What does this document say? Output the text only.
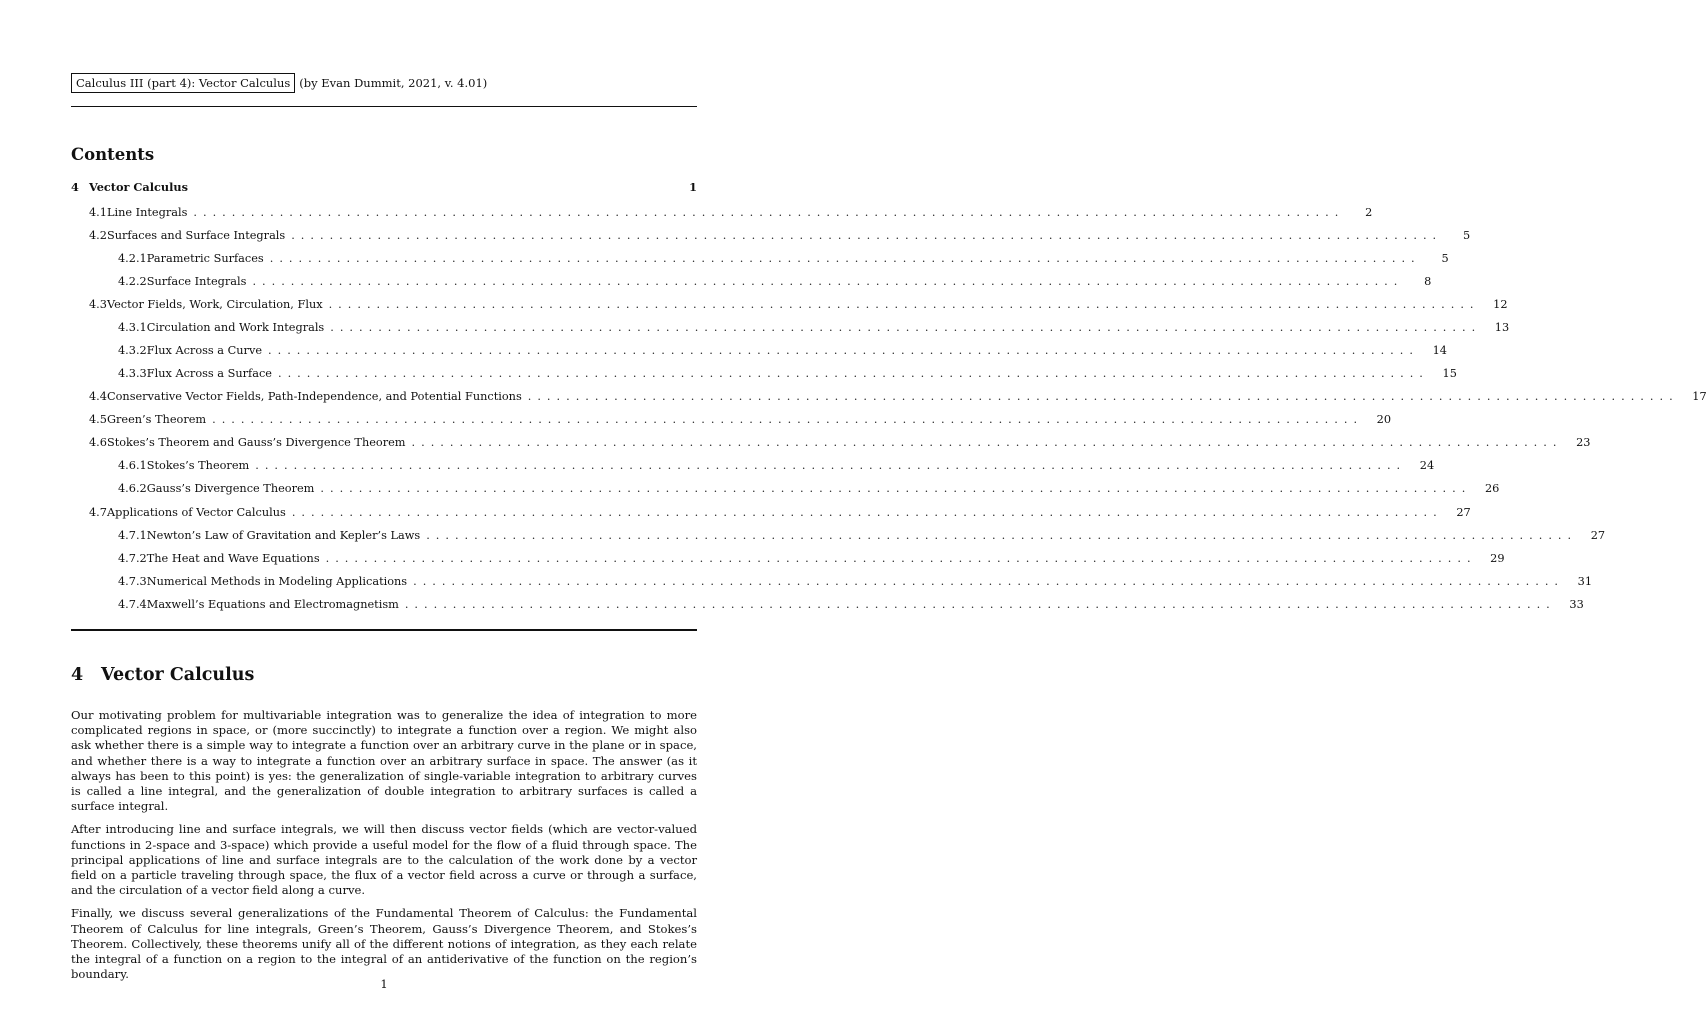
Calculus III (part 4): Vector Calculus (by Evan Dummit, 2021, v. 4.01)
Contents
4 Vector Calculus	1
4.1 Line Integrals ........................................................................................................................	2
4.2 Surfaces and Surface Integrals ........................................................................................................................	5
4.2.1 Parametric Surfaces ........................................................................................................................	5
4.2.2 Surface Integrals ........................................................................................................................	8
4.3 Vector Fields, Work, Circulation, Flux ........................................................................................................................	12
4.3.1 Circulation and Work Integrals ........................................................................................................................	13
4.3.2 Flux Across a Curve ........................................................................................................................	14
4.3.3 Flux Across a Surface ........................................................................................................................	15
4.4 Conservative Vector Fields, Path-Independence, and Potential Functions ........................................................................................................................	17
4.5 Green’s Theorem ........................................................................................................................	20
4.6 Stokes’s Theorem and Gauss’s Divergence Theorem ........................................................................................................................	23
4.6.1 Stokes’s Theorem ........................................................................................................................	24
4.6.2 Gauss’s Divergence Theorem ........................................................................................................................	26
4.7 Applications of Vector Calculus ........................................................................................................................	27
4.7.1 Newton’s Law of Gravitation and Kepler’s Laws ........................................................................................................................	27
4.7.2 The Heat and Wave Equations ........................................................................................................................	29
4.7.3 Numerical Methods in Modeling Applications ........................................................................................................................	31
4.7.4 Maxwell’s Equations and Electromagnetism ........................................................................................................................	33
4 Vector Calculus

Our motivating problem for multivariable integration was to generalize the idea of integration to more complicated regions in space, or (more succinctly) to integrate a function over a region. We might also ask whether there is a simple way to integrate a function over an arbitrary curve in the plane or in space, and whether there is a way to integrate a function over an arbitrary surface in space. The answer (as it always has been to this point) is yes: the generalization of single-variable integration to arbitrary curves is called a line integral, and the generalization of double integration to arbitrary surfaces is called a surface integral.

After introducing line and surface integrals, we will then discuss vector fields (which are vector-valued functions in 2-space and 3-space) which provide a useful model for the flow of a fluid through space. The principal applications of line and surface integrals are to the calculation of the work done by a vector field on a particle traveling through space, the flux of a vector field across a curve or through a surface, and the circulation of a vector field along a curve.

Finally, we discuss several generalizations of the Fundamental Theorem of Calculus: the Fundamental Theorem of Calculus for line integrals, Green’s Theorem, Gauss’s Divergence Theorem, and Stokes’s Theorem. Collectively, these theorems unify all of the different notions of integration, as they each relate the integral of a function on a region to the integral of an antiderivative of the function on the region’s boundary.

1
